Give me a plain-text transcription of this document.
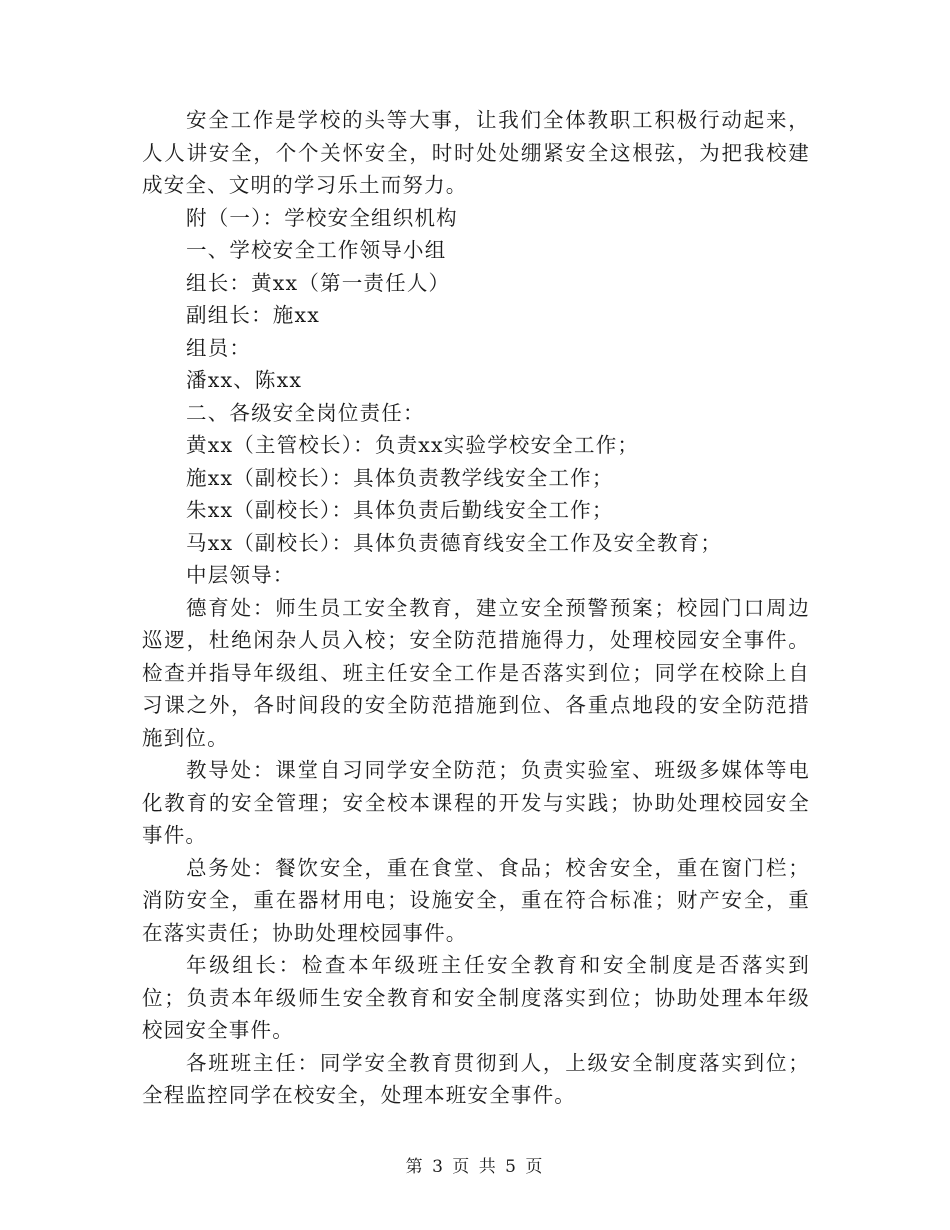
安全工作是学校的头等大事，让我们全体教职工积极行动起来，人人讲安全，个个关怀安全，时时处处绷紧安全这根弦，为把我校建成安全、文明的学习乐土而努力。

附（一）：学校安全组织机构

一、学校安全工作领导小组

组长：黄xx（第一责任人）

副组长：施xx

组员：

潘xx、陈xx

二、各级安全岗位责任：

黄xx（主管校长）：负责xx实验学校安全工作；

施xx（副校长）：具体负责教学线安全工作；

朱xx（副校长）：具体负责后勤线安全工作；

马xx（副校长）：具体负责德育线安全工作及安全教育；

中层领导：

德育处：师生员工安全教育，建立安全预警预案；校园门口周边巡逻，杜绝闲杂人员入校；安全防范措施得力，处理校园安全事件。检查并指导年级组、班主任安全工作是否落实到位；同学在校除上自习课之外，各时间段的安全防范措施到位、各重点地段的安全防范措施到位。

教导处：课堂自习同学安全防范；负责实验室、班级多媒体等电化教育的安全管理；安全校本课程的开发与实践；协助处理校园安全事件。

总务处：餐饮安全，重在食堂、食品；校舍安全，重在窗门栏；消防安全，重在器材用电；设施安全，重在符合标准；财产安全，重在落实责任；协助处理校园事件。

年级组长：检查本年级班主任安全教育和安全制度是否落实到位；负责本年级师生安全教育和安全制度落实到位；协助处理本年级校园安全事件。

各班班主任：同学安全教育贯彻到人，上级安全制度落实到位；全程监控同学在校安全，处理本班安全事件。

第 3 页 共 5 页
